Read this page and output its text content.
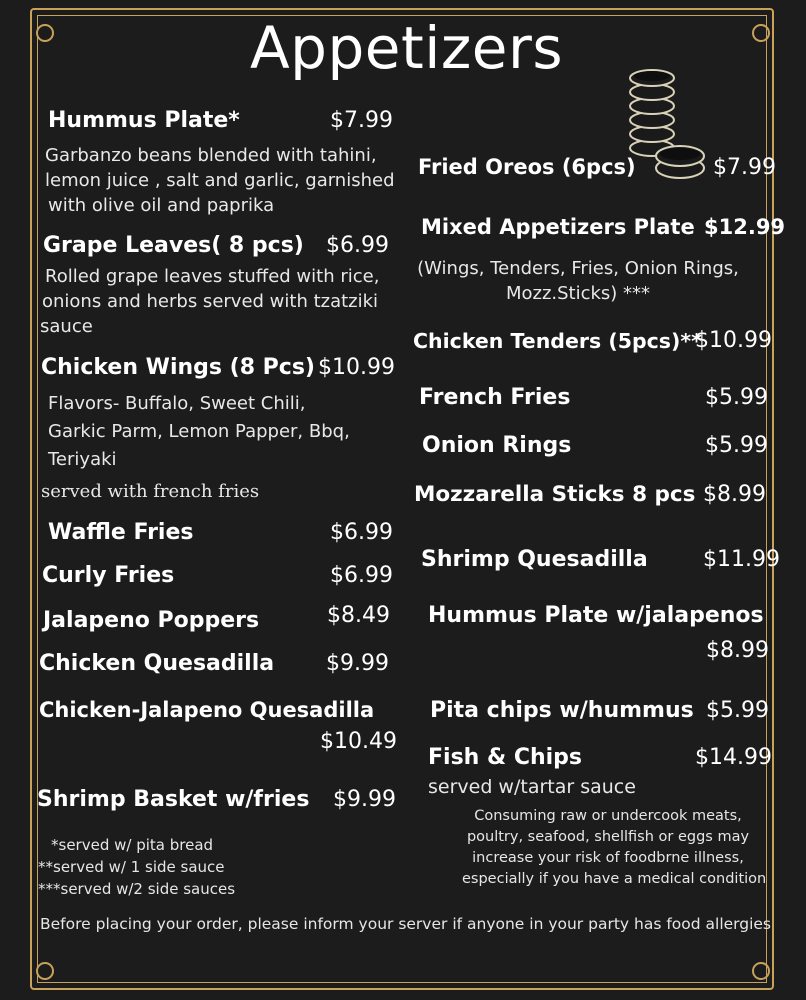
Appetizers
Hummus Plate*	$7.99
Garbanzo beans blended with tahini,
lemon juice , salt and garlic, garnished
with olive oil and paprika
Grape Leaves( 8 pcs) $6.99
Rolled grape leaves stuffed with rice,
onions and herbs served with tzatziki
sauce
Chicken Wings (8 Pcs) $10.99
Flavors- Buffalo, Sweet Chili,
Garkic Parm, Lemon Papper, Bbq,
Teriyaki
served with french fries
Waffle Fries	$6.99
Curly Fries	$6.99
Jalapeno Poppers	$8.49
Chicken Quesadilla $9.99
Chicken-Jalapeno Quesadilla
$10.49
Shrimp Basket w/fries $9.99
*served w/ pita bread
**served w/ 1 side sauce
***served w/2 side sauces
Fried Oreos (6pcs)	$7.99
Mixed Appetizers Plate $12.99
(Wings, Tenders, Fries, Onion Rings,
Mozz.Sticks) ***
Chicken Tenders (5pcs)**
$10.99
French Fries	$5.99
Onion Rings	$5.99
Mozzarella Sticks 8 pcs $8.99
Shrimp Quesadilla	$11.99
Hummus Plate w/jalapenos
$8.99
Pita chips w/hummus $5.99
Fish & Chips	$14.99
served w/tartar sauce
Consuming raw or undercook meats,
poultry, seafood, shellfish or eggs may
increase your risk of foodbrne illness,
especially if you have a medical condition
Before placing your order, please inform your server if anyone in your party has food allergies
